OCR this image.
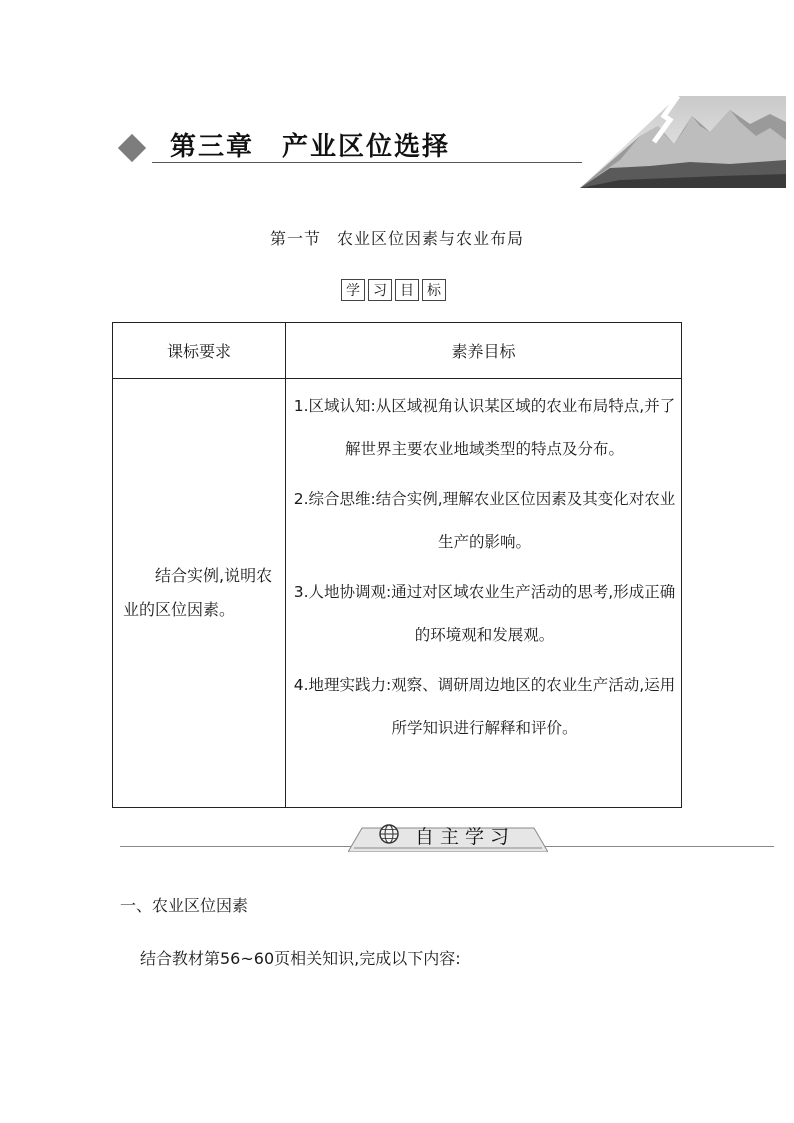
第三章 产业区位选择
第一节 农业区位因素与农业布局
学 习 目 标
课标要求	素养目标

结合实例,说明农业的区位因素。	1.区域认知:从区域视角认识某区域的农业布局特点,并了解世界主要农业地域类型的特点及分布。
2.综合思维:结合实例,理解农业区位因素及其变化对农业生产的影响。
3.人地协调观:通过对区域农业生产活动的思考,形成正确的环境观和发展观。
4.地理实践力:观察、调研周边地区的农业生产活动,运用所学知识进行解释和评价。
自主学习
一、农业区位因素
结合教材第56~60页相关知识,完成以下内容:
